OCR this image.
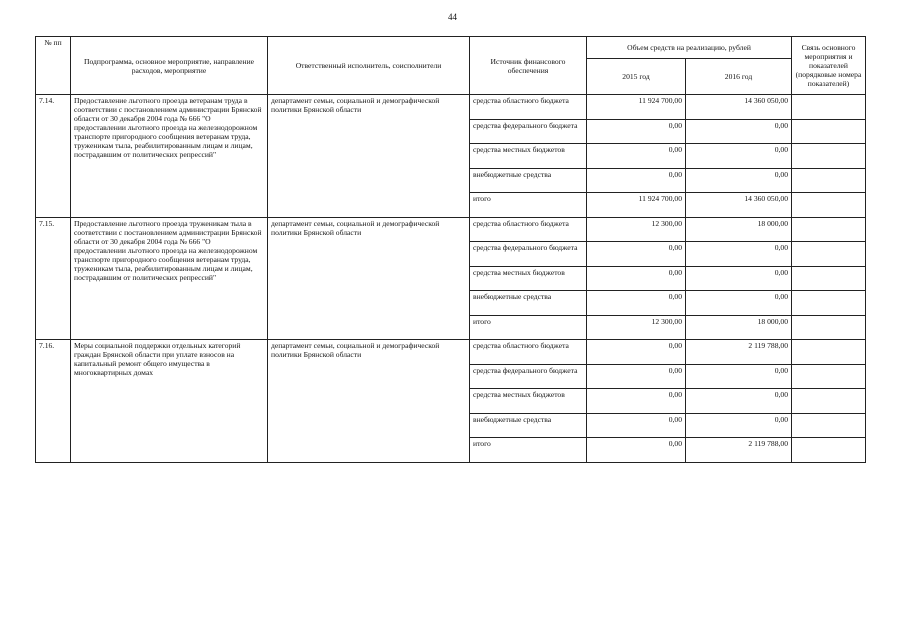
44
№ пп	Подпрограмма, основное мероприятие, направление расходов, мероприятие	Ответственный исполнитель, соисполнители	Источник финансового обеспечения	Объем средств на реализацию, рублей		Связь основного мероприятия и показателей (порядковые номера показателей)
				2015 год	2016 год	
7.14.	Предоставление льготного проезда ветеранам труда в соответствии с постановлением администрации Брянской области от 30 декабря 2004 года № 666 "О предоставлении льготного проезда на железнодорожном транспорте пригородного сообщения ветеранам труда, труженикам тыла, реабилитированным лицам и лицам, пострадавшим от политических репрессий"	департамент семьи, социальной и демографической политики Брянской области	средства областного бюджета	11 924 700,00	14 360 050,00	
			средства федерального бюджета	0,00	0,00	
			средства местных бюджетов	0,00	0,00	
			внебюджетные средства	0,00	0,00	
			итого	11 924 700,00	14 360 050,00	
7.15.	Предоставление льготного проезда труженикам тыла в соответствии с постановлением администрации Брянской области от 30 декабря 2004 года № 666 "О предоставлении льготного проезда на железнодорожном транспорте пригородного сообщения ветеранам труда, труженикам тыла, реабилитированным лицам и лицам, пострадавшим от политических репрессий"	департамент семьи, социальной и демографической политики Брянской области	средства областного бюджета	12 300,00	18 000,00	
			средства федерального бюджета	0,00	0,00	
			средства местных бюджетов	0,00	0,00	
			внебюджетные средства	0,00	0,00	
			итого	12 300,00	18 000,00	
7.16.	Меры социальной поддержки отдельных категорий граждан Брянской области при уплате взносов на капитальный ремонт общего имущества в многоквартирных домах	департамент семьи, социальной и демографической политики Брянской области	средства областного бюджета	0,00	2 119 788,00	
			средства федерального бюджета	0,00	0,00	
			средства местных бюджетов	0,00	0,00	
			внебюджетные средства	0,00	0,00	
			итого	0,00	2 119 788,00	
